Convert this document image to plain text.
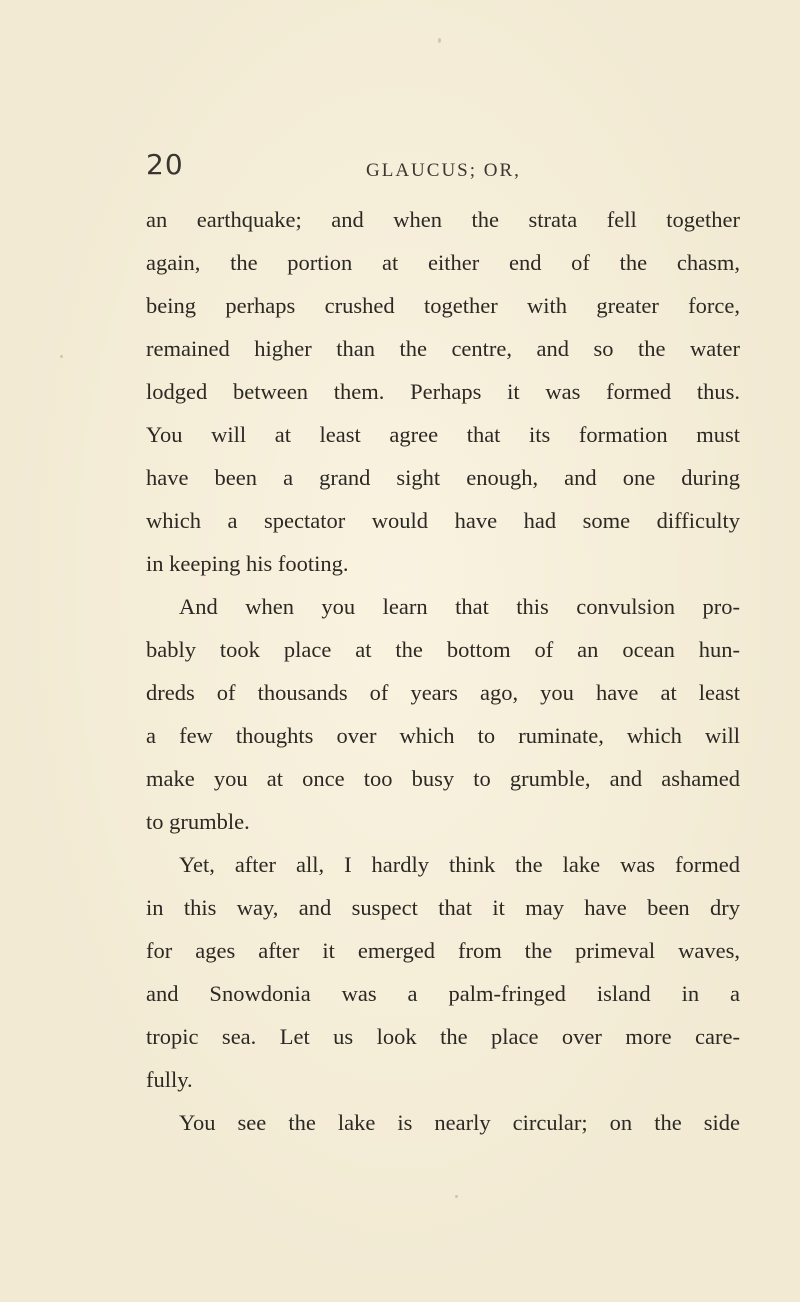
20	GLAUCUS; OR,
an earthquake; and when the strata fell together
again, the portion at either end of the chasm,
being perhaps crushed together with greater force,
remained higher than the centre, and so the water
lodged between them. Perhaps it was formed thus.
You will at least agree that its formation must
have been a grand sight enough, and one during
which a spectator would have had some difficulty
in keeping his footing.
And when you learn that this convulsion pro-
bably took place at the bottom of an ocean hun-
dreds of thousands of years ago, you have at least
a few thoughts over which to ruminate, which will
make you at once too busy to grumble, and ashamed
to grumble.
Yet, after all, I hardly think the lake was formed
in this way, and suspect that it may have been dry
for ages after it emerged from the primeval waves,
and Snowdonia was a palm-fringed island in a
tropic sea. Let us look the place over more care-
fully.
You see the lake is nearly circular; on the side
